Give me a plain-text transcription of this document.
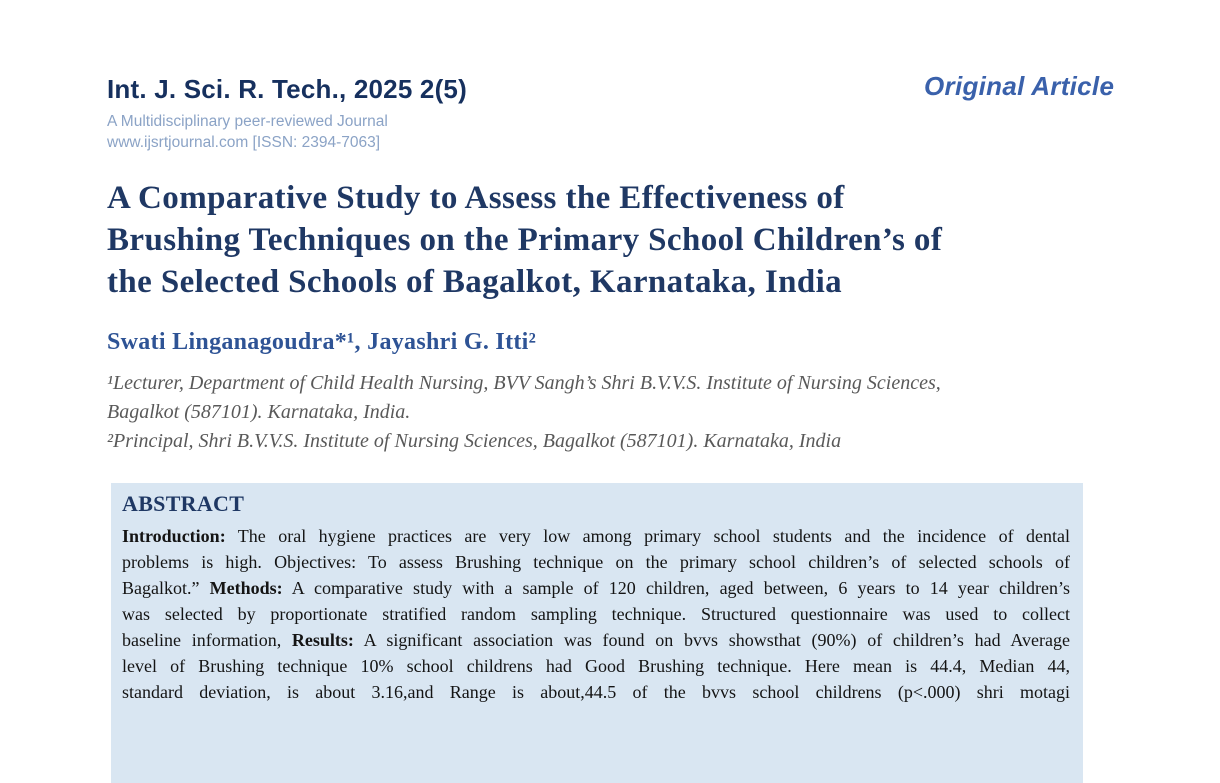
Int. J. Sci. R. Tech., 2025 2(5)
A Multidisciplinary peer-reviewed Journal
www.ijsrtjournal.com [ISSN: 2394-7063]
Original Article
A Comparative Study to Assess the Effectiveness of
Brushing Techniques on the Primary School Children’s of
the Selected Schools of Bagalkot, Karnataka, India
Swati Linganagoudra*¹, Jayashri G. Itti²
¹Lecturer, Department of Child Health Nursing, BVV Sangh’s Shri B.V.V.S. Institute of Nursing Sciences,
Bagalkot (587101). Karnataka, India.
²Principal, Shri B.V.V.S. Institute of Nursing Sciences, Bagalkot (587101). Karnataka, India
ABSTRACT
Introduction: The oral hygiene practices are very low among primary school students and the incidence of dental
problems is high. Objectives: To assess Brushing technique on the primary school children’s of selected schools of
Bagalkot.” Methods: A comparative study with a sample of 120 children, aged between, 6 years to 14 year children’s
was selected by proportionate stratified random sampling technique. Structured questionnaire was used to collect
baseline information, Results: A significant association was found on bvvs showsthat (90%) of children’s had Average
level of Brushing technique 10% school childrens had Good Brushing technique. Here mean is 44.4, Median 44,
standard deviation, is about 3.16,and Range is about,44.5 of the bvvs school childrens (p<.000) shri motagi
